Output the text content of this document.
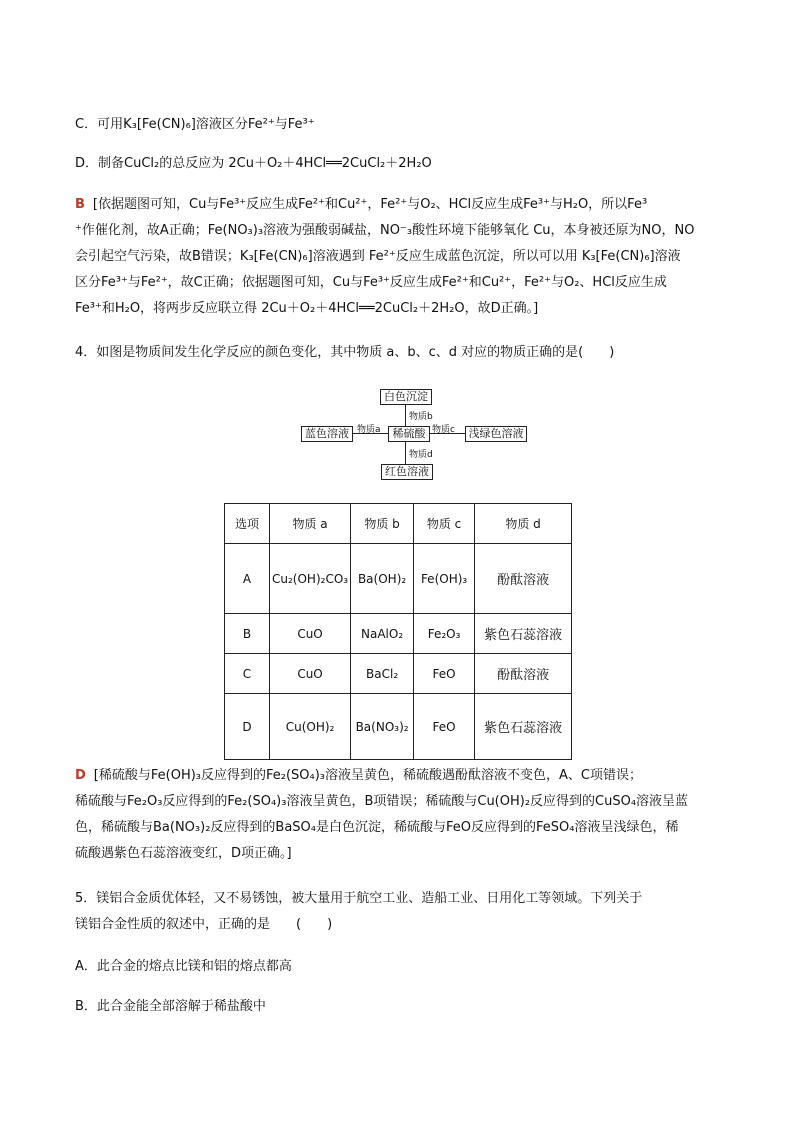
C．可用K₃[Fe(CN)₆]溶液区分Fe²⁺与Fe³⁺
D．制备CuCl₂的总反应为 2Cu＋O₂＋4HCl══2CuCl₂＋2H₂O
B [依据题图可知，Cu与Fe³⁺反应生成Fe²⁺和Cu²⁺，Fe²⁺与O₂、HCl反应生成Fe³⁺与H₂O，所以Fe³
⁺作催化剂，故A正确；Fe(NO₃)₃溶液为强酸弱碱盐，NO⁻₃酸性环境下能够氧化 Cu，本身被还原为NO，NO
会引起空气污染，故B错误；K₃[Fe(CN)₆]溶液遇到 Fe²⁺反应生成蓝色沉淀，所以可以用 K₃[Fe(CN)₆]溶液
区分Fe³⁺与Fe²⁺，故C正确；依据题图可知，Cu与Fe³⁺反应生成Fe²⁺和Cu²⁺，Fe²⁺与O₂、HCl反应生成
Fe³⁺和H₂O，将两步反应联立得 2Cu＋O₂＋4HCl══2CuCl₂＋2H₂O，故D正确。]
4．如图是物质间发生化学反应的颜色变化，其中物质 a、b、c、d 对应的物质正确的是(　　)
白色沉淀
蓝色溶液	稀硫酸	浅绿色溶液
红色溶液
物质b
物质d
物质a	物质c
选项	物质 a	物质 b	物质 c	物质 d
A	Cu₂(OH)₂CO₃	Ba(OH)₂	Fe(OH)₃	酚酞溶液
B	CuO	NaAlO₂	Fe₂O₃	紫色石蕊溶液
C	CuO	BaCl₂	FeO	酚酞溶液
D	Cu(OH)₂	Ba(NO₃)₂	FeO	紫色石蕊溶液
D [稀硫酸与Fe(OH)₃反应得到的Fe₂(SO₄)₃溶液呈黄色，稀硫酸遇酚酞溶液不变色，A、C项错误；
稀硫酸与Fe₂O₃反应得到的Fe₂(SO₄)₃溶液呈黄色，B项错误；稀硫酸与Cu(OH)₂反应得到的CuSO₄溶液呈蓝
色，稀硫酸与Ba(NO₃)₂反应得到的BaSO₄是白色沉淀，稀硫酸与FeO反应得到的FeSO₄溶液呈浅绿色，稀
硫酸遇紫色石蕊溶液变红，D项正确。]
5．镁铝合金质优体轻，又不易锈蚀，被大量用于航空工业、造船工业、日用化工等领域。下列关于
镁铝合金性质的叙述中，正确的是　　(　　)
A．此合金的熔点比镁和铝的熔点都高
B．此合金能全部溶解于稀盐酸中
